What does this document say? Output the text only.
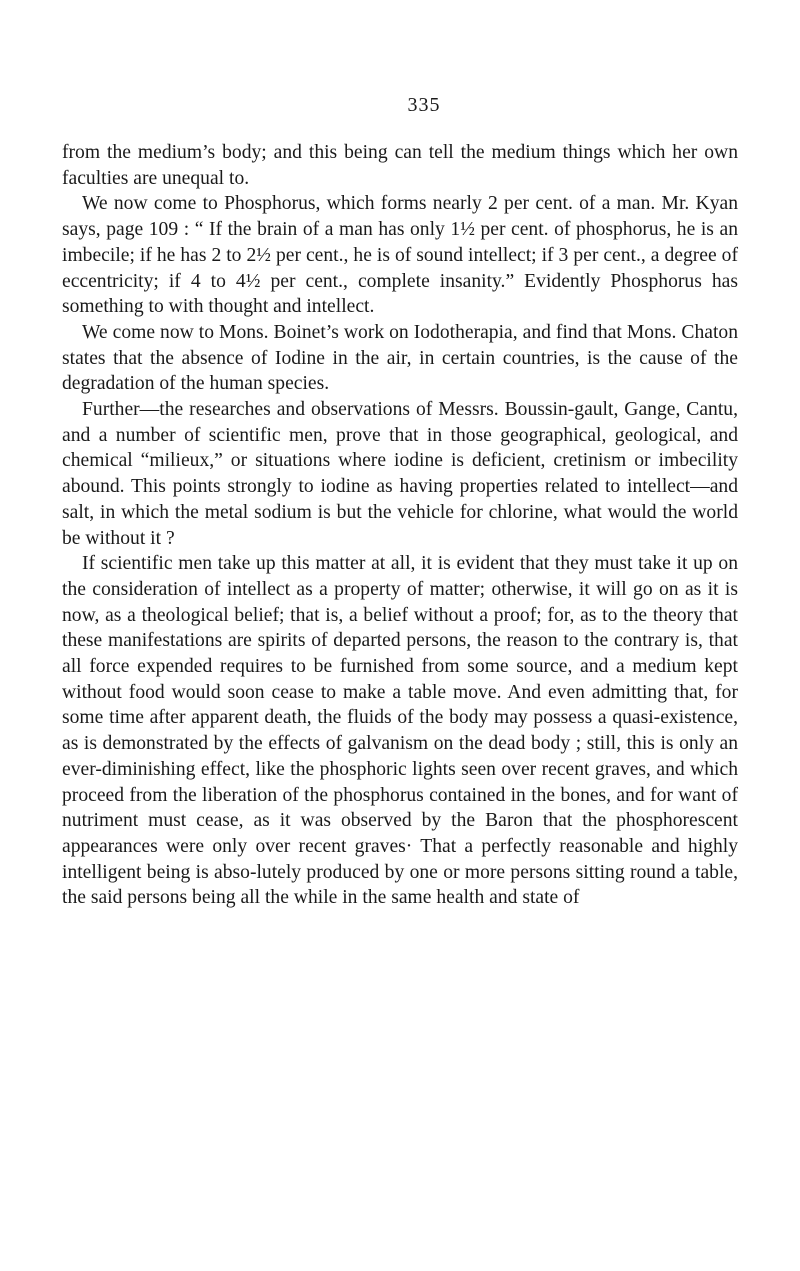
335

from the medium’s body; and this being can tell the medium things which her own faculties are unequal to.

We now come to Phosphorus, which forms nearly 2 per cent. of a man. Mr. Kyan says, page 109 : “ If the brain of a man has only 1½ per cent. of phosphorus, he is an imbecile; if he has 2 to 2½ per cent., he is of sound intellect; if 3 per cent., a degree of eccentricity; if 4 to 4½ per cent., complete insanity.” Evidently Phosphorus has something to with thought and intellect.

We come now to Mons. Boinet’s work on Iodotherapia, and find that Mons. Chaton states that the absence of Iodine in the air, in certain countries, is the cause of the degradation of the human species.

Further—the researches and observations of Messrs. Boussin-gault, Gange, Cantu, and a number of scientific men, prove that in those geographical, geological, and chemical “milieux,” or situations where iodine is deficient, cretinism or imbecility abound. This points strongly to iodine as having properties related to intellect—and salt, in which the metal sodium is but the vehicle for chlorine, what would the world be without it ?

If scientific men take up this matter at all, it is evident that they must take it up on the consideration of intellect as a property of matter; otherwise, it will go on as it is now, as a theological belief; that is, a belief without a proof; for, as to the theory that these manifestations are spirits of departed persons, the reason to the contrary is, that all force expended requires to be furnished from some source, and a medium kept without food would soon cease to make a table move. And even admitting that, for some time after apparent death, the fluids of the body may possess a quasi-existence, as is demonstrated by the effects of galvanism on the dead body ; still, this is only an ever-diminishing effect, like the phosphoric lights seen over recent graves, and which proceed from the liberation of the phosphorus contained in the bones, and for want of nutriment must cease, as it was observed by the Baron that the phosphorescent appearances were only over recent graves· That a perfectly reasonable and highly intelligent being is abso-lutely produced by one or more persons sitting round a table, the said persons being all the while in the same health and state of
